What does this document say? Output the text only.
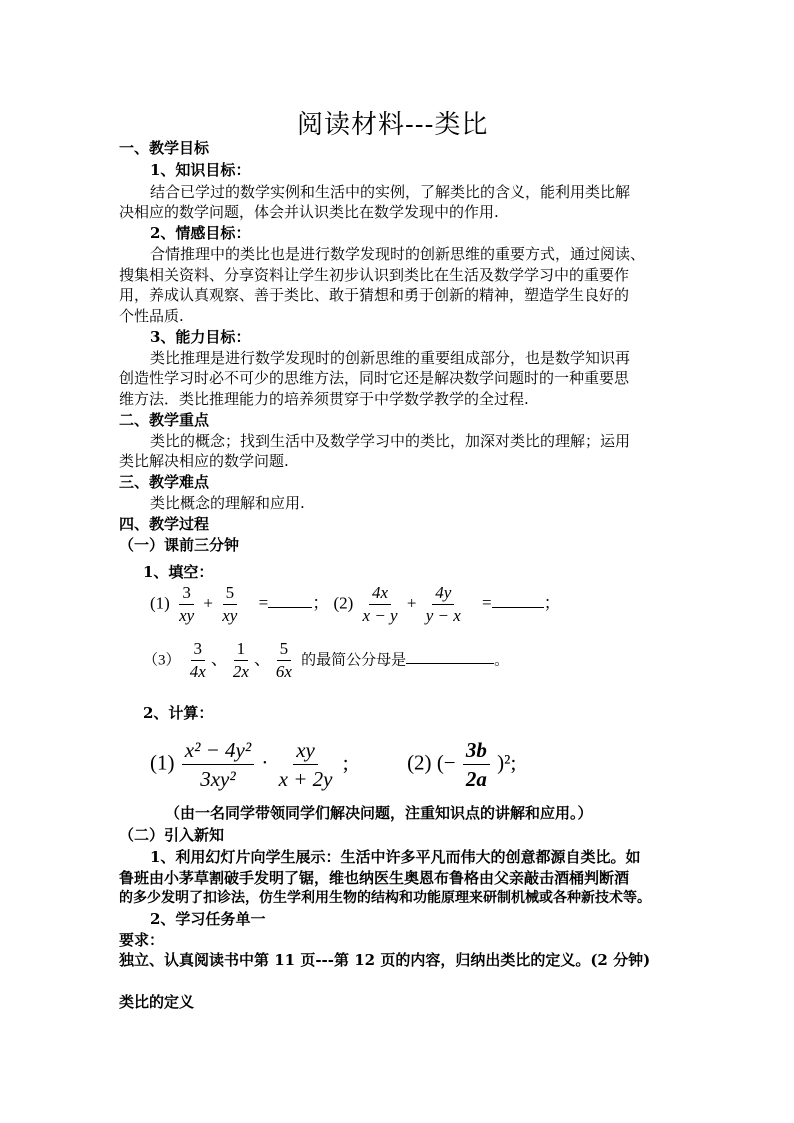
阅读材料---类比
一、教学目标
1、知识目标：
结合已学过的数学实例和生活中的实例，了解类比的含义，能利用类比解
决相应的数学问题，体会并认识类比在数学发现中的作用.
2、情感目标：
合情推理中的类比也是进行数学发现时的创新思维的重要方式，通过阅读、
搜集相关资料、分享资料让学生初步认识到类比在生活及数学学习中的重要作
用，养成认真观察、善于类比、敢于猜想和勇于创新的精神，塑造学生良好的
个性品质.
3、能力目标：
类比推理是进行数学发现时的创新思维的重要组成部分，也是数学知识再
创造性学习时必不可少的思维方法，同时它还是解决数学问题时的一种重要思
维方法．类比推理能力的培养须贯穿于中学数学教学的全过程.
二、教学重点
类比的概念；找到生活中及数学学习中的类比，加深对类比的理解；运用
类比解决相应的数学问题.
三、教学难点
类比概念的理解和应用.
四、教学过程
（一）课前三分钟
1、填空：
$(1) \frac{3}{xy} + \frac{5}{xy}$ =	； $(2) \frac{4x}{x - y} + \frac{4y}{y - x}$ =	；
$(3) \frac{3}{4x}$ 、 $\frac{1}{2x}$ 、 $\frac{5}{6x}$ 的最简公分母是	。
2、计算：
$(1) \frac{\text{x² − 4y²}}{\text{3xy²}} \cdot \frac{xy}{x + 2y}$ ;	(2) (− $\frac{3b}{2a} )^2$;
（由一名同学带领同学们解决问题，注重知识点的讲解和应用。）
（二）引入新知
1、利用幻灯片向学生展示：生活中许多平凡而伟大的创意都源自类比。如
鲁班由小茅草割破手发明了锯，维也纳医生奥恩布鲁格由父亲敲击酒桶判断酒
的多少发明了扣诊法，仿生学利用生物的结构和功能原理来研制机械或各种新技术等。
2、学习任务单一
要求：
独立、认真阅读书中第 11 页---第 12 页的内容，归纳出类比的定义。(2 分钟)
类比的定义
